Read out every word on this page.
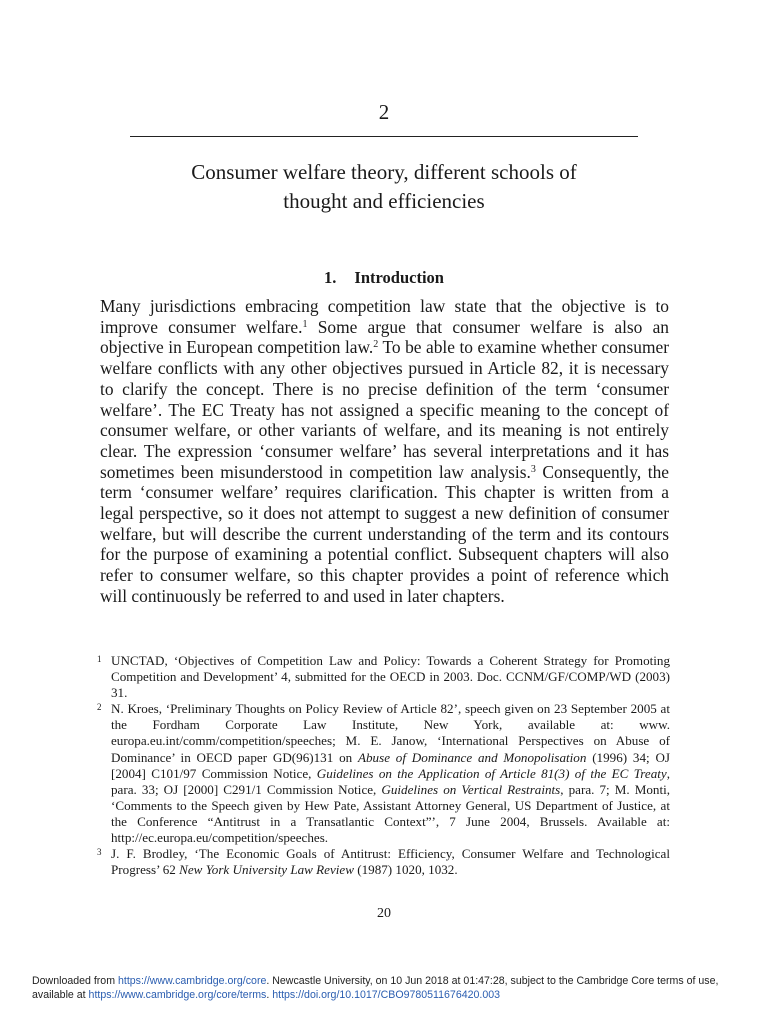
2
Consumer welfare theory, different schools of
thought and efficiencies
1. Introduction

Many jurisdictions embracing competition law state that the objective is to improve consumer welfare.$^1$ Some argue that consumer welfare is also an objective in European competition law.$^2$ To be able to examine whether consumer welfare conflicts with any other objectives pursued in Article 82, it is necessary to clarify the concept. There is no precise definition of the term ‘consumer welfare’. The EC Treaty has not assigned a specific meaning to the concept of consumer welfare, or other variants of welfare, and its meaning is not entirely clear. The expression ‘consumer welfare’ has several interpretations and it has sometimes been misunderstood in competition law analysis.$^3$ Consequently, the term ‘consumer welfare’ requires clarification. This chapter is written from a legal perspective, so it does not attempt to suggest a new definition of consumer welfare, but will describe the current understanding of the term and its contours for the purpose of examining a potential conflict. Subsequent chapters will also refer to consumer welfare, so this chapter provides a point of reference which will continuously be referred to and used in later chapters.

1 UNCTAD, ‘Objectives of Competition Law and Policy: Towards a Coherent Strategy for Promoting Competition and Development’ 4, submitted for the OECD in 2003. Doc. CCNM/GF/COMP/WD (2003) 31.
2 N. Kroes, ‘Preliminary Thoughts on Policy Review of Article 82’, speech given on 23 September 2005 at the Fordham Corporate Law Institute, New York, available at: www. europa.eu.int/comm/competition/speeches; M. E. Janow, ‘International Perspectives on Abuse of Dominance’ in OECD paper GD(96)131 on Abuse of Dominance and Monopolisation (1996) 34; OJ [2004] C101/97 Commission Notice, Guidelines on the Application of Article 81(3) of the EC Treaty, para. 33; OJ [2000] C291/1 Commission Notice, Guidelines on Vertical Restraints, para. 7; M. Monti, ‘Comments to the Speech given by Hew Pate, Assistant Attorney General, US Department of Justice, at the Conference “Antitrust in a Transatlantic Context”’, 7 June 2004, Brussels. Available at: http://ec.europa.eu/competition/speeches.
3 J. F. Brodley, ‘The Economic Goals of Antitrust: Efficiency, Consumer Welfare and Technological Progress’ 62 New York University Law Review (1987) 1020, 1032.
20
Downloaded from https://www.cambridge.org/core. Newcastle University, on 10 Jun 2018 at 01:47:28, subject to the Cambridge Core terms of use, available at https://www.cambridge.org/core/terms. https://doi.org/10.1017/CBO9780511676420.003
